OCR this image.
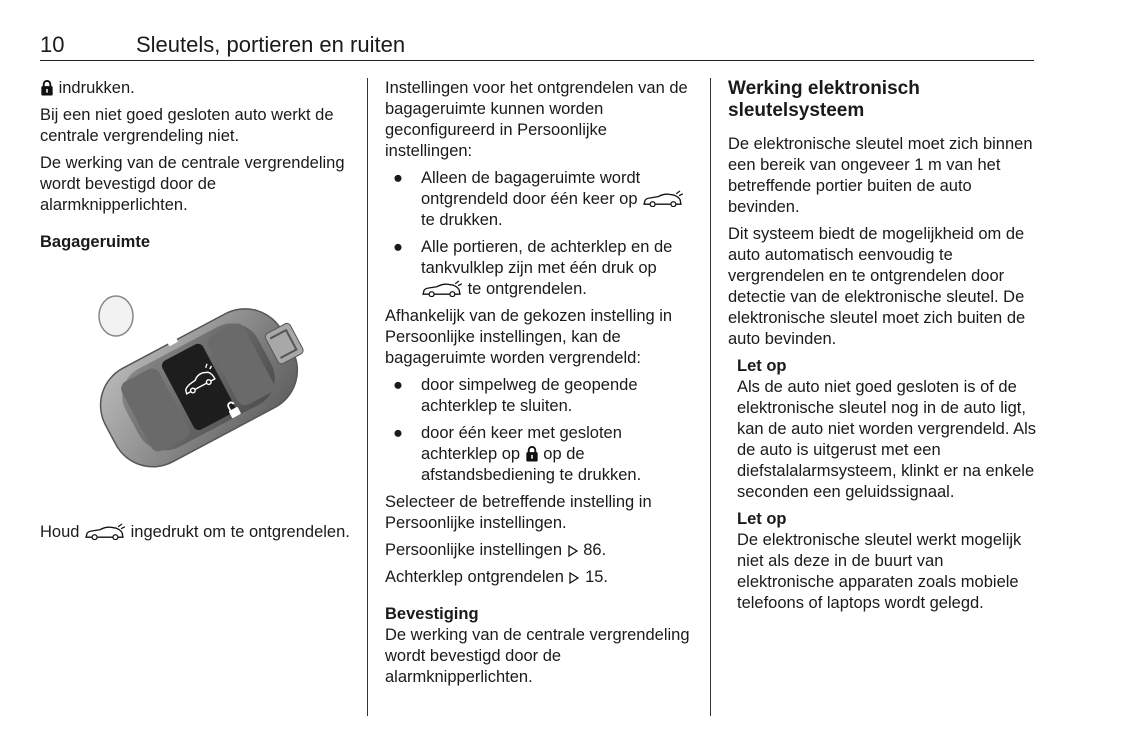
10	Sleutels, portieren en ruiten

indrukken.

Bij een niet goed gesloten auto werkt de centrale vergrendeling niet.

De werking van de centrale vergrendeling wordt bevestigd door de alarmknipperlichten.

Bagageruimte

Houd	ingedrukt om te ontgrendelen.

Instellingen voor het ontgrendelen van de bagageruimte kunnen worden geconfigureerd in Persoonlijke instellingen:

● Alleen de bagageruimte wordt ontgrendeld door één keer op  te drukken.
● Alle portieren, de achterklep en de tankvulklep zijn met één druk op  te ontgrendelen.

Afhankelijk van de gekozen instelling in Persoonlijke instellingen, kan de bagageruimte worden vergrendeld:

● door simpelweg de geopende achterklep te sluiten.
● door één keer met gesloten achterklep op op de afstandsbediening te drukken.

Selecteer de betreffende instelling in Persoonlijke instellingen.

Persoonlijke instellingen 86.

Achterklep ontgrendelen 15.

Bevestiging

De werking van de centrale vergrendeling wordt bevestigd door de alarmknipperlichten.

Werking elektronisch sleutelsysteem

De elektronische sleutel moet zich binnen een bereik van ongeveer 1 m van het betreffende portier buiten de auto bevinden.

Dit systeem biedt de mogelijkheid om de auto automatisch eenvoudig te vergrendelen en te ontgrendelen door detectie van de elektronische sleutel. De elektronische sleutel moet zich buiten de auto bevinden.

Let op
Als de auto niet goed gesloten is of de elektronische sleutel nog in de auto ligt, kan de auto niet worden vergrendeld. Als de auto is uitgerust met een diefstalalarmsysteem, klinkt er na enkele seconden een geluidssignaal.
Let op
De elektronische sleutel werkt mogelijk niet als deze in de buurt van elektronische apparaten zoals mobiele telefoons of laptops wordt gelegd.
